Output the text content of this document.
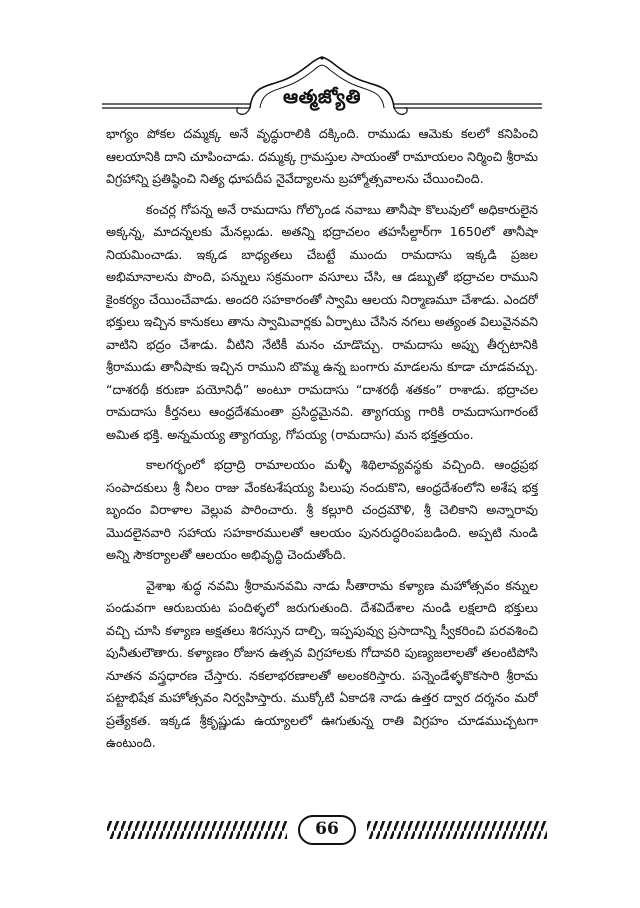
ఆత్మజ్యోతి

భాగ్యం పోకల దమ్మక్క అనే వృద్ధురాలికి దక్కింది. రాముడు ఆమెకు కలలో కనిపించి ఆలయానికి దాని చూపించాడు. దమ్మక్క గ్రామస్తుల సాయంతో రామాయలం నిర్మించి శ్రీరామ విగ్రహాన్ని ప్రతిష్ఠించి నిత్య ధూపదీప నైవేద్యాలను బ్రహ్మోత్సవాలను చేయించింది.

కంచర్ల గోపన్న అనే రామదాసు గోల్కొండ నవాబు తానీషా కొలువులో అధికారులైన అక్కన్న, మాదన్నలకు మేనల్లుడు. అతన్ని భద్రాచలం తహసీల్దార్‌గా 1650లో తానీషా నియమించాడు. ఇక్కడ బాధ్యతలు చేబట్టే ముందు రామదాసు ఇక్కడి ప్రజల అభిమానాలను పొంది, పన్నులు సక్రమంగా వసూలు చేసి, ఆ డబ్బుతో భద్రాచల రాముని కైంకర్యం చేయించేవాడు. అందరి సహకారంతో స్వామి ఆలయ నిర్మాణమూ చేశాడు. ఎందరో భక్తులు ఇచ్చిన కానుకలు తాను స్వామివార్లకు ఏర్పాటు చేసిన నగలు అత్యంత విలువైనవని వాటిని భద్రం చేశాడు. వీటిని నేటికీ మనం చూడొచ్చు. రామదాసు అప్పు తీర్చటానికి శ్రీరాముడు తానీషాకు ఇచ్చిన రాముని బొమ్మ ఉన్న బంగారు మాడలను కూడా చూడవచ్చు. “దాశరథీ కరుణా పయోనిధీ” అంటూ రామదాసు “దాశరథీ శతకం” రాశాడు. భద్రాచల రామదాసు కీర్తనలు ఆంధ్రదేశమంతా ప్రసిద్ధమైనవి. త్యాగయ్య గారికి రామదాసుగారంటే అమిత భక్తి. అన్నమయ్య త్యాగయ్య, గోపయ్య (రామదాసు) మన భక్తత్రయం.

కాలగర్భంలో భద్రాద్రి రామాలయం మళ్ళీ శిథిలావ్యవస్థకు వచ్చింది. ఆంధ్రప్రభ సంపాదకులు శ్రీ నీలం రాజు వేంకటశేషయ్య పిలుపు నందుకొని, ఆంధ్రదేశంలోని అశేష భక్త బృందం విరాళాల వెల్లువ పారించారు. శ్రీ కల్లూరి చంద్రమౌళి, శ్రీ చెలికాని అన్నారావు మొదలైనవారి సహాయ సహకారములతో ఆలయం పునరుద్ధరింపబడింది. అప్పటి నుండి అన్ని సౌకర్యాలతో ఆలయం అభివృద్ధి చెందుతోంది.

వైశాఖ శుద్ధ నవమి శ్రీరామనవమి నాడు సీతారామ కళ్యాణ మహోత్సవం కన్నుల పండువగా ఆరుబయట పందిళ్ళలో జరుగుతుంది. దేశవిదేశాల నుండి లక్షలాది భక్తులు వచ్చి చూసి కళ్యాణ అక్షతలు శిరస్సున దాల్చి, ఇప్పపువ్వు ప్రసాదాన్ని స్వీకరించి పరవశించి పునీతులౌతారు. కళ్యాణం రోజున ఉత్సవ విగ్రహాలకు గోదావరి పుణ్యజలాలతో తలంటిపోసి నూతన వస్త్రధారణ చేస్తారు. నకలాభరణాలతో అలంకరిస్తారు. పన్నెండేళ్ళకొకసారి శ్రీరామ పట్టాభిషేక మహోత్సవం నిర్వహిస్తారు. ముక్కోటి ఏకాదశి నాడు ఉత్తర ద్వార దర్శనం మరో ప్రత్యేకత. ఇక్కడ శ్రీకృష్ణుడు ఉయ్యాలలో ఊగుతున్న రాతి విగ్రహం చూడముచ్చటగా ఉంటుంది.

66
